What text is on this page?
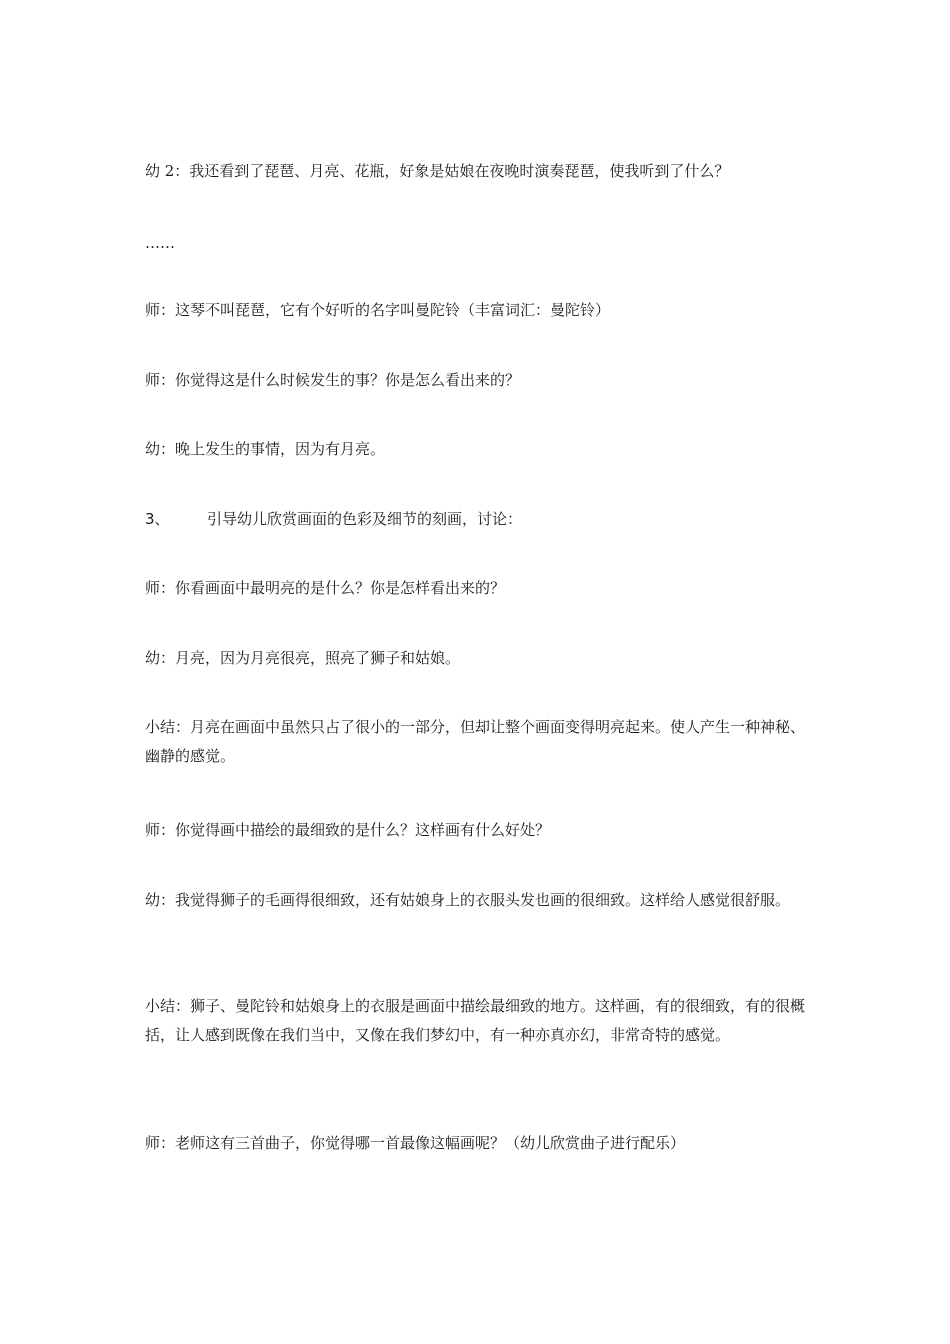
幼 2：我还看到了琵琶、月亮、花瓶，好象是姑娘在夜晚时演奏琵琶，使我听到了什么？

……

师：这琴不叫琵琶，它有个好听的名字叫曼陀铃（丰富词汇：曼陀铃）

师：你觉得这是什么时候发生的事？你是怎么看出来的？

幼：晚上发生的事情，因为有月亮。

3、 引导幼儿欣赏画面的色彩及细节的刻画，讨论：

师：你看画面中最明亮的是什么？你是怎样看出来的？

幼：月亮，因为月亮很亮，照亮了狮子和姑娘。

小结：月亮在画面中虽然只占了很小的一部分，但却让整个画面变得明亮起来。使人产生一种神秘、幽静的感觉。

师：你觉得画中描绘的最细致的是什么？这样画有什么好处？

幼：我觉得狮子的毛画得很细致，还有姑娘身上的衣服头发也画的很细致。这样给人感觉很舒服。

小结：狮子、曼陀铃和姑娘身上的衣服是画面中描绘最细致的地方。这样画，有的很细致，有的很概括，让人感到既像在我们当中，又像在我们梦幻中，有一种亦真亦幻，非常奇特的感觉。

师：老师这有三首曲子，你觉得哪一首最像这幅画呢？（幼儿欣赏曲子进行配乐）
